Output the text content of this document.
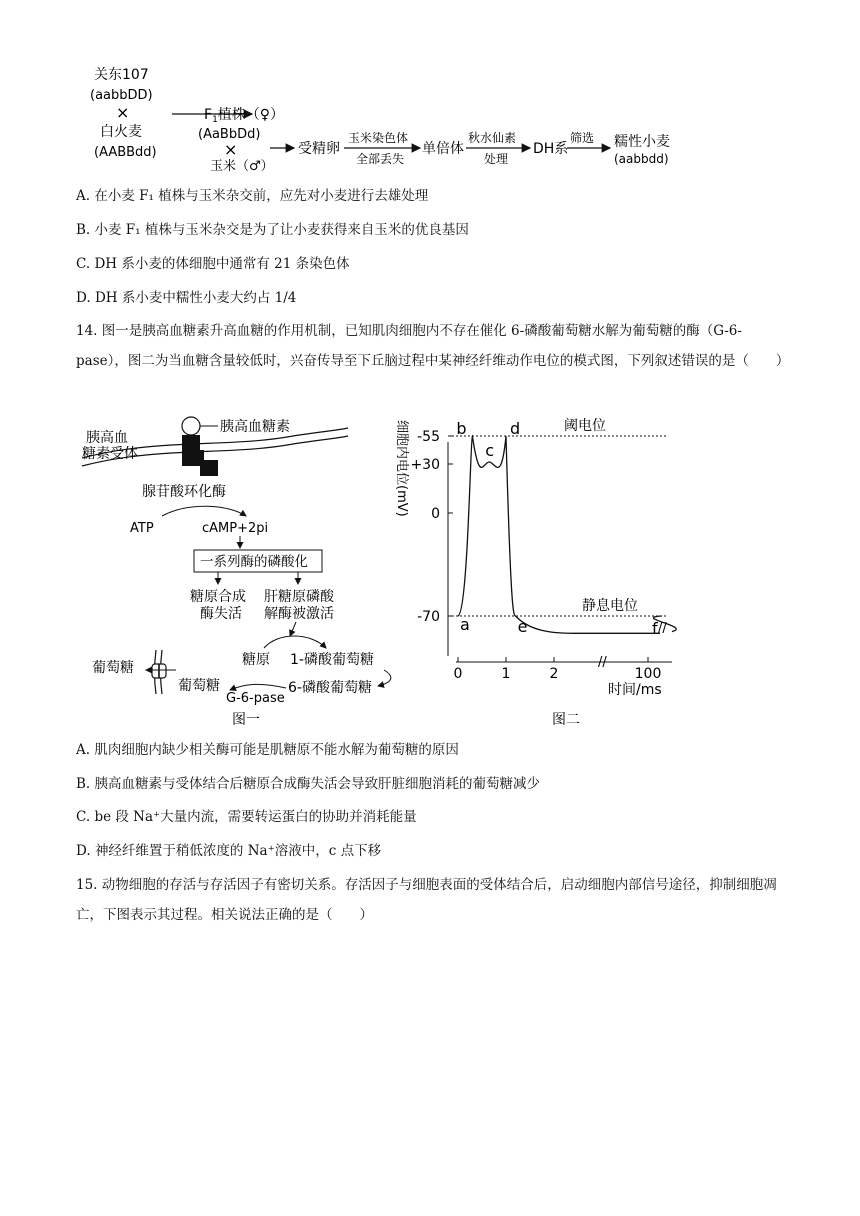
关东107
(aabbDD)
×
白火麦
(AABBdd)
$F_1$植株（♀）
(AaBbDd)
×
玉米（♂）
受精卵
玉米染色体
全部丢失
单倍体
秋水仙素
处理
DH系
筛选 糯性小麦
(aabbdd)
A. 在小麦 F₁ 植株与玉米杂交前，应先对小麦进行去雄处理
B. 小麦 F₁ 植株与玉米杂交是为了让小麦获得来自玉米的优良基因
C. DH 系小麦的体细胞中通常有 21 条染色体
D. DH 系小麦中糯性小麦大约占 1/4
14. 图一是胰高血糖素升高血糖的作用机制，已知肌肉细胞内不存在催化 6-磷酸葡萄糖水解为葡萄糖的酶（G-6-pase），图二为当血糖含量较低时，兴奋传导至下丘脑过程中某神经纤维动作电位的模式图，下列叙述错误的是（　　）
胰高血糖素
胰高血
糖素受体
腺苷酸环化酶
ATP	cAMP+2pi
一系列酶的磷酸化
糖原合成
酶失活
肝糖原磷酸
解酶被激活
糖原 1-磷酸葡萄糖
葡萄糖
葡萄糖
G-6-pase
6-磷酸葡萄糖
图一
细胞内电位(mV)
时间/ms
图二
+30
0
-55
-70
阈电位
静息电位
0	1	2	100
//
//
a
b
c
d
e	f
A. 肌肉细胞内缺少相关酶可能是肌糖原不能水解为葡萄糖的原因
B. 胰高血糖素与受体结合后糖原合成酶失活会导致肝脏细胞消耗的葡萄糖减少
C. be 段 Na⁺大量内流，需要转运蛋白的协助并消耗能量
D. 神经纤维置于稍低浓度的 Na⁺溶液中，c 点下移
15. 动物细胞的存活与存活因子有密切关系。存活因子与细胞表面的受体结合后，启动细胞内部信号途径，抑制细胞凋亡，下图表示其过程。相关说法正确的是（　　）
